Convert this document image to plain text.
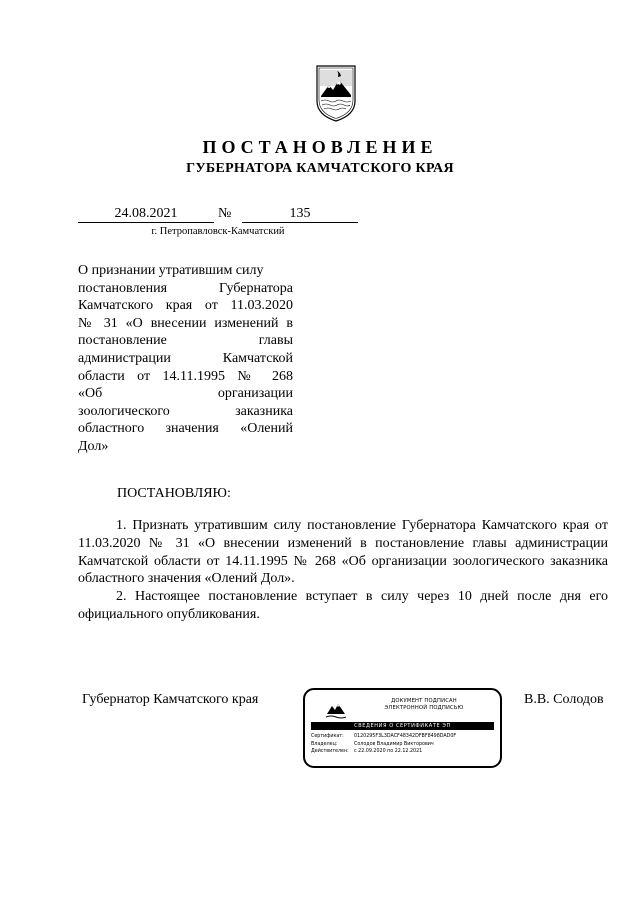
ПОСТАНОВЛЕНИЕ
ГУБЕРНАТОРА КАМЧАТСКОГО КРАЯ
24.08.2021	№	135
г. Петропавловск-Камчатский
О признании утратившим силу
постановления Губернатора
Камчатского края от 11.03.2020
№ 31 «О внесении изменений в
постановление главы
администрации Камчатской
области от 14.11.1995 № 268
«Об организации
зоологического заказника
областного значения «Олений
Дол»
ПОСТАНОВЛЯЮ:

1. Признать утратившим силу постановление Губернатора Камчатского края от 11.03.2020 № 31 «О внесении изменений в постановление главы администрации Камчатской области от 14.11.1995 № 268 «Об организации зоологического заказника областного значения «Олений Дол».

2. Настоящее постановление вступает в силу через 10 дней после дня его официального опубликования.

Губернатор Камчатского края	В.В. Солодов
ДОКУМЕНТ ПОДПИСАН
ЭЛЕКТРОННОЙ ПОДПИСЬЮ
СВЕДЕНИЯ О СЕРТИФИКАТЕ ЭП
Сертификат:	0120295F3L3DACF48342DFBF8498DAD0F
Владелец:	Солодов Владимир Викторович
Действителен:	с 22.09.2020 по 22.12.2021
